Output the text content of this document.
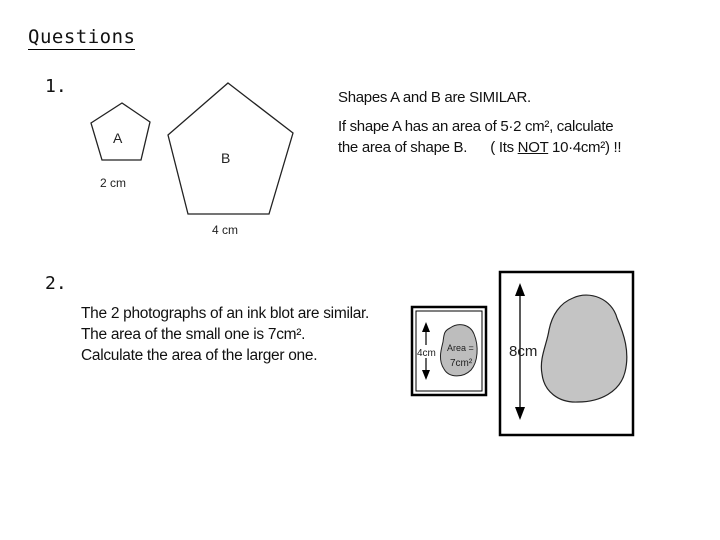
Questions
1.
Shapes A and B are SIMILAR.
If shape A has an area of 5·2 cm², calculate
the area of shape B.      ( Its NOT 10·4cm²) !!
A
2 cm
B
4 cm
4cm Area =
7cm²
8cm
2.
The 2 photographs of an ink blot are similar.
The area of the small one is 7cm².
Calculate the area of the larger one.
